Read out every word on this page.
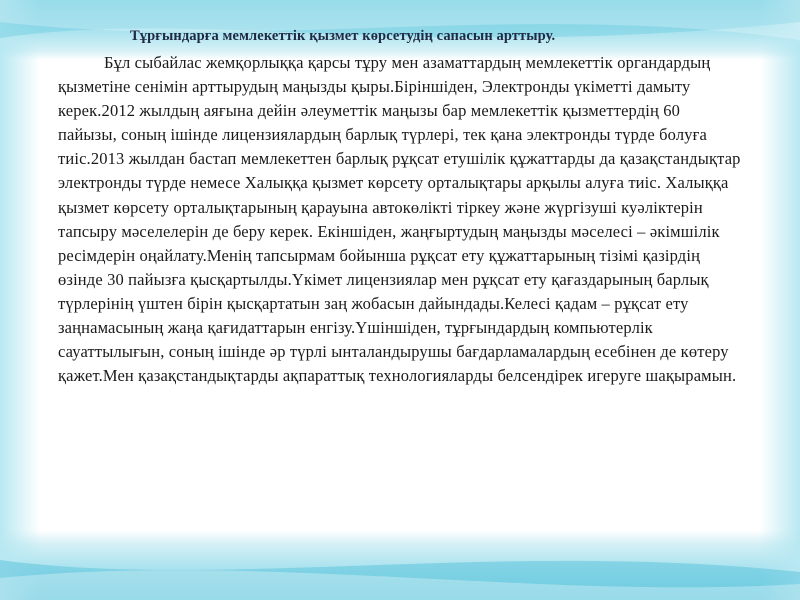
Тұрғындарға мемлекеттік қызмет көрсетудің сапасын арттыру.

Бұл сыбайлас жемқорлыққа қарсы тұру мен азаматтардың мемлекеттік органдардың қызметіне сенімін арттырудың маңызды қыры.Біріншіден, Электронды үкіметті дамыту керек.2012 жылдың аяғына дейін әлеуметтік маңызы бар мемлекеттік қызметтердің 60 пайызы, соның ішінде лицензиялардың барлық түрлері, тек қана электронды түрде болуға тиіс.2013 жылдан бастап мемлекеттен барлық рұқсат етушілік құжаттарды да қазақстандықтар электронды түрде немесе Халыққа қызмет көрсету орталықтары арқылы алуға тиіс. Халыққа қызмет көрсету орталықтарының қарауына автокөлікті тіркеу және жүргізуші куәліктерін тапсыру мәселелерін де беру керек. Екіншіден, жаңғыртудың маңызды мәселесі – әкімшілік ресімдерін оңайлату.Менің тапсырмам бойынша рұқсат ету құжаттарының тізімі қазірдің өзінде 30 пайызға қысқартылды.Үкімет лицензиялар мен рұқсат ету қағаздарының барлық түрлерінің үштен бірін қысқартатын заң жобасын дайындады.Келесі қадам – рұқсат ету заңнамасының жаңа қағидаттарын енгізу.Үшіншіден, тұрғындардың компьютерлік сауаттылығын, соның ішінде әр түрлі ынталандырушы бағдарламалардың есебінен де көтеру қажет.Мен қазақстандықтарды ақпараттық технологияларды белсендірек игеруге шақырамын.
